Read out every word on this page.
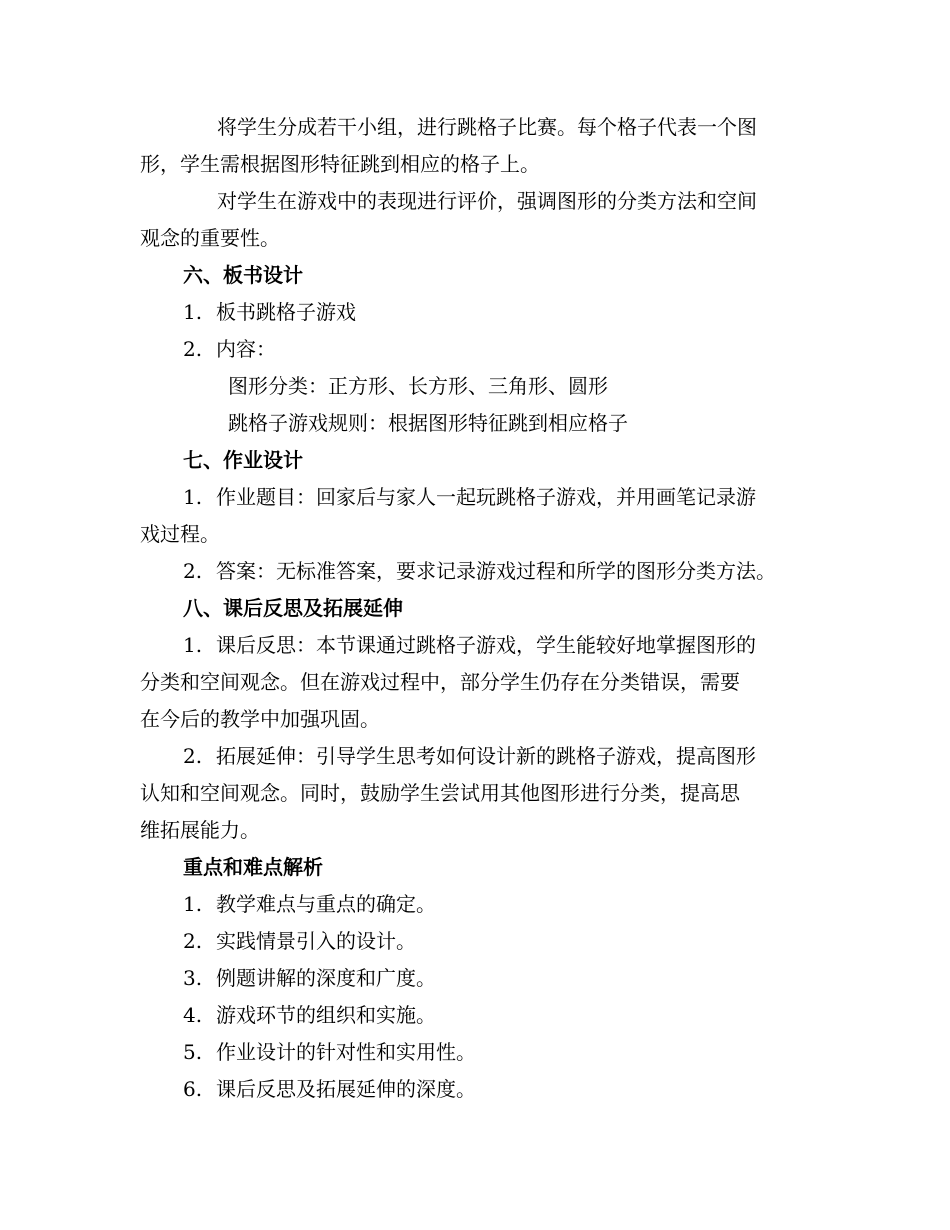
将学生分成若干小组，进行跳格子比赛。每个格子代表一个图
形，学生需根据图形特征跳到相应的格子上。
对学生在游戏中的表现进行评价，强调图形的分类方法和空间
观念的重要性。
六、板书设计
1. 板书跳格子游戏
2. 内容：
图形分类：正方形、长方形、三角形、圆形
跳格子游戏规则：根据图形特征跳到相应格子
七、作业设计
1. 作业题目：回家后与家人一起玩跳格子游戏，并用画笔记录游
戏过程。
2. 答案：无标准答案，要求记录游戏过程和所学的图形分类方法。
八、课后反思及拓展延伸
1. 课后反思：本节课通过跳格子游戏，学生能较好地掌握图形的
分类和空间观念。但在游戏过程中，部分学生仍存在分类错误，需要
在今后的教学中加强巩固。
2. 拓展延伸：引导学生思考如何设计新的跳格子游戏，提高图形
认知和空间观念。同时，鼓励学生尝试用其他图形进行分类，提高思
维拓展能力。
重点和难点解析
1. 教学难点与重点的确定。
2. 实践情景引入的设计。
3. 例题讲解的深度和广度。
4. 游戏环节的组织和实施。
5. 作业设计的针对性和实用性。
6. 课后反思及拓展延伸的深度。
